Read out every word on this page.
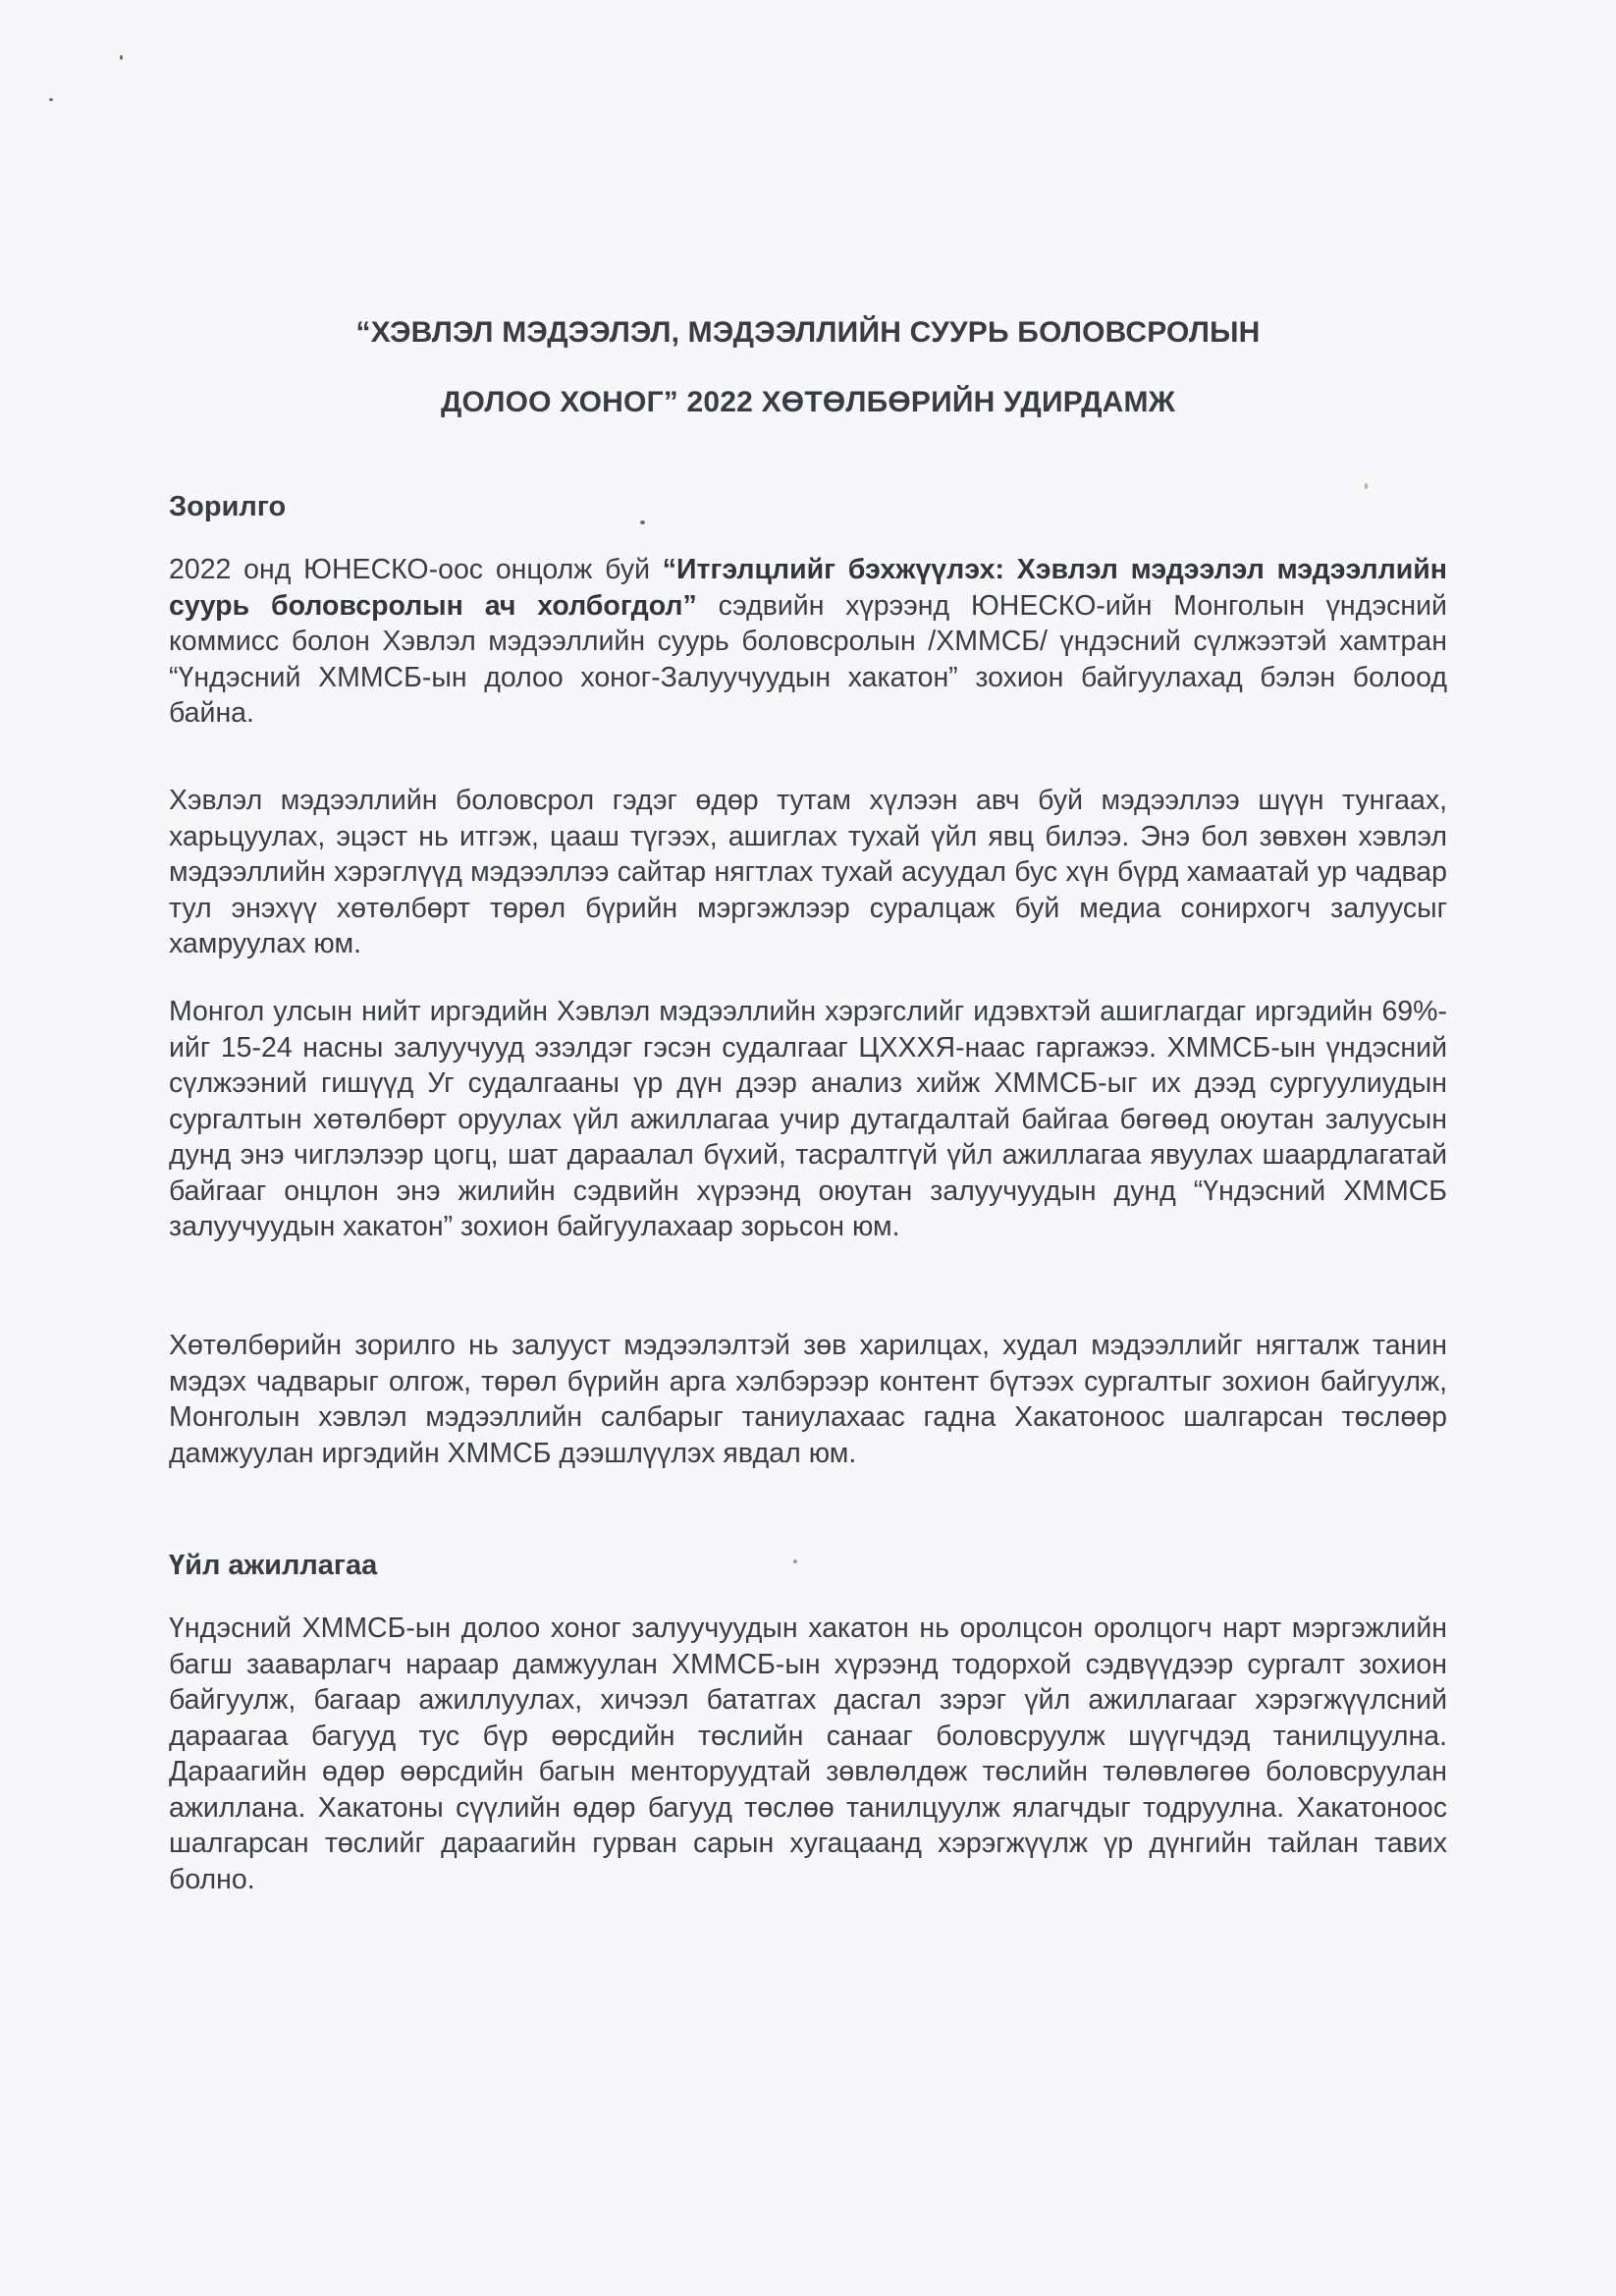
“ХЭВЛЭЛ МЭДЭЭЛЭЛ, МЭДЭЭЛЛИЙН СУУРЬ БОЛОВСРОЛЫН
ДОЛОО ХОНОГ” 2022 ХӨТӨЛБӨРИЙН УДИРДАМЖ
Зорилго
2022 онд ЮНЕСКО-оос онцолж буй “Итгэлцлийг бэхжүүлэх: Хэвлэл мэдээлэл мэдээллийн суурь боловсролын ач холбогдол” сэдвийн хүрээнд ЮНЕСКО-ийн Монголын үндэсний коммисс болон Хэвлэл мэдээллийн суурь боловсролын /ХММСБ/ үндэсний сүлжээтэй хамтран “Үндэсний ХММСБ-ын долоо хоног-Залуучуудын хакатон” зохион байгуулахад бэлэн болоод байна.
Хэвлэл мэдээллийн боловсрол гэдэг өдөр тутам хүлээн авч буй мэдээллээ шүүн тунгаах, харьцуулах, эцэст нь итгэж, цааш түгээх, ашиглах тухай үйл явц билээ. Энэ бол зөвхөн хэвлэл мэдээллийн хэрэглүүд мэдээллээ сайтар нягтлах тухай асуудал бус хүн бүрд хамаатай ур чадвар тул энэхүү хөтөлбөрт төрөл бүрийн мэргэжлээр суралцаж буй медиа сонирхогч залуусыг хамруулах юм.
Монгол улсын нийт иргэдийн Хэвлэл мэдээллийн хэрэгслийг идэвхтэй ашиглагдаг иргэдийн 69%-ийг 15-24 насны залуучууд эзэлдэг гэсэн судалгааг ЦХХХЯ-наас гаргажээ. ХММСБ-ын үндэсний сүлжээний гишүүд Уг судалгааны үр дүн дээр анализ хийж ХММСБ-ыг их дээд сургуулиудын сургалтын хөтөлбөрт оруулах үйл ажиллагаа учир дутагдалтай байгаа бөгөөд оюутан залуусын дунд энэ чиглэлээр цогц, шат дараалал бүхий, тасралтгүй үйл ажиллагаа явуулах шаардлагатай байгааг онцлон энэ жилийн сэдвийн хүрээнд оюутан залуучуудын дунд “Үндэсний ХММСБ залуучуудын хакатон” зохион байгуулахаар зорьсон юм.
Хөтөлбөрийн зорилго нь залууст мэдээлэлтэй зөв харилцах, худал мэдээллийг нягталж танин мэдэх чадварыг олгож, төрөл бүрийн арга хэлбэрээр контент бүтээх сургалтыг зохион байгуулж, Монголын хэвлэл мэдээллийн салбарыг таниулахаас гадна Хакатоноос шалгарсан төслөөр дамжуулан иргэдийн ХММСБ дээшлүүлэх явдал юм.
Үйл ажиллагаа
Үндэсний ХММСБ-ын долоо хоног залуучуудын хакатон нь оролцсон оролцогч нарт мэргэжлийн багш зааварлагч нараар дамжуулан ХММСБ-ын хүрээнд тодорхой сэдвүүдээр сургалт зохион байгуулж, багаар ажиллуулах, хичээл бататгах дасгал зэрэг үйл ажиллагааг хэрэгжүүлсний дараагаа багууд тус бүр өөрсдийн төслийн санааг боловсруулж шүүгчдэд танилцуулна. Дараагийн өдөр өөрсдийн багын менторуудтай зөвлөлдөж төслийн төлөвлөгөө боловсруулан ажиллана. Хакатоны сүүлийн өдөр багууд төслөө танилцуулж ялагчдыг тодруулна. Хакатоноос шалгарсан төслийг дараагийн гурван сарын хугацаанд хэрэгжүүлж үр дүнгийн тайлан тавих болно.
